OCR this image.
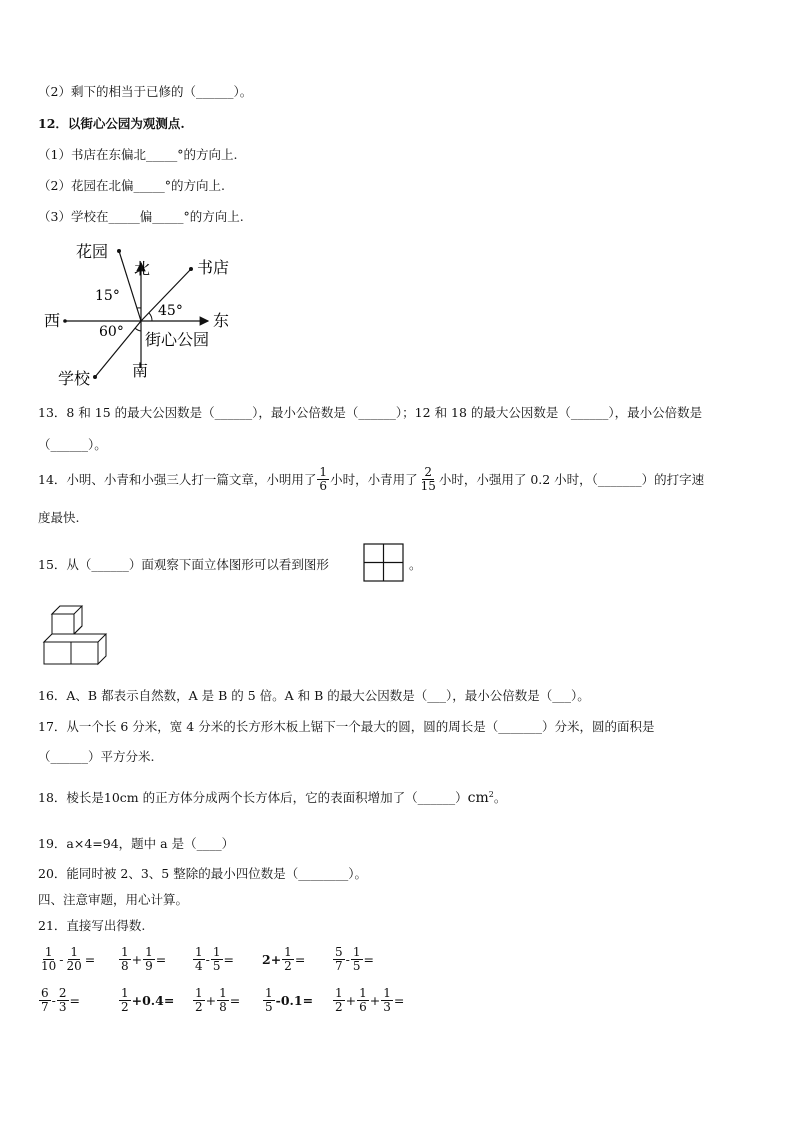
（2）剩下的相当于已修的（______）。
12．以街心公园为观测点.
（1）书店在东偏北_____°的方向上.
（2）花园在北偏_____°的方向上.
（3）学校在_____偏_____°的方向上.
花园
北	书店
15°
45°
西	东
60° 街心公园
南
学校
13．8 和 15 的最大公因数是（______），最小公倍数是（______）；12 和 18 的最大公因数是（______），最小公倍数是
（______）。
14．小明、小青和小强三人打一篇文章，小明用了 $\frac{1}{6}$ 小时，小青用了 $\frac{2}{15}$ 小时，小强用了 0.2 小时，（_______）的打字速
度最快.
15．从（______）面观察下面立体图形可以看到图形	。
16．A、B 都表示自然数，A 是 B 的 5 倍。A 和 B 的最大公因数是（___），最小公倍数是（___）。
17．从一个长 6 分米，宽 4 分米的长方形木板上锯下一个最大的圆，圆的周长是（_______）分米，圆的面积是
（______）平方分米.
18．棱长是10cm 的正方体分成两个长方体后，它的表面积增加了$(\_\_\_\_\_\_)cm^2$。
19．a×4=94，题中 a 是（____）
20．能同时被 2、3、5 整除的最小四位数是（________）。
四、注意审题，用心计算。
21．直接写出得数.
$\frac{1}{10} - \frac{1}{20} = \frac{1}{8} + \frac{1}{9} = \frac{1}{4} - \frac{1}{5} = 2+ \frac{1}{2} = \frac{5}{7} - \frac{1}{5}$ =
$\frac{6}{7} - \frac{2}{3}$ =	$\frac{1}{2} +0.4= \frac{1}{2} + \frac{1}{8} = \frac{1}{5} -0.1= \frac{1}{2} + \frac{1}{6} + \frac{1}{3}$ =
